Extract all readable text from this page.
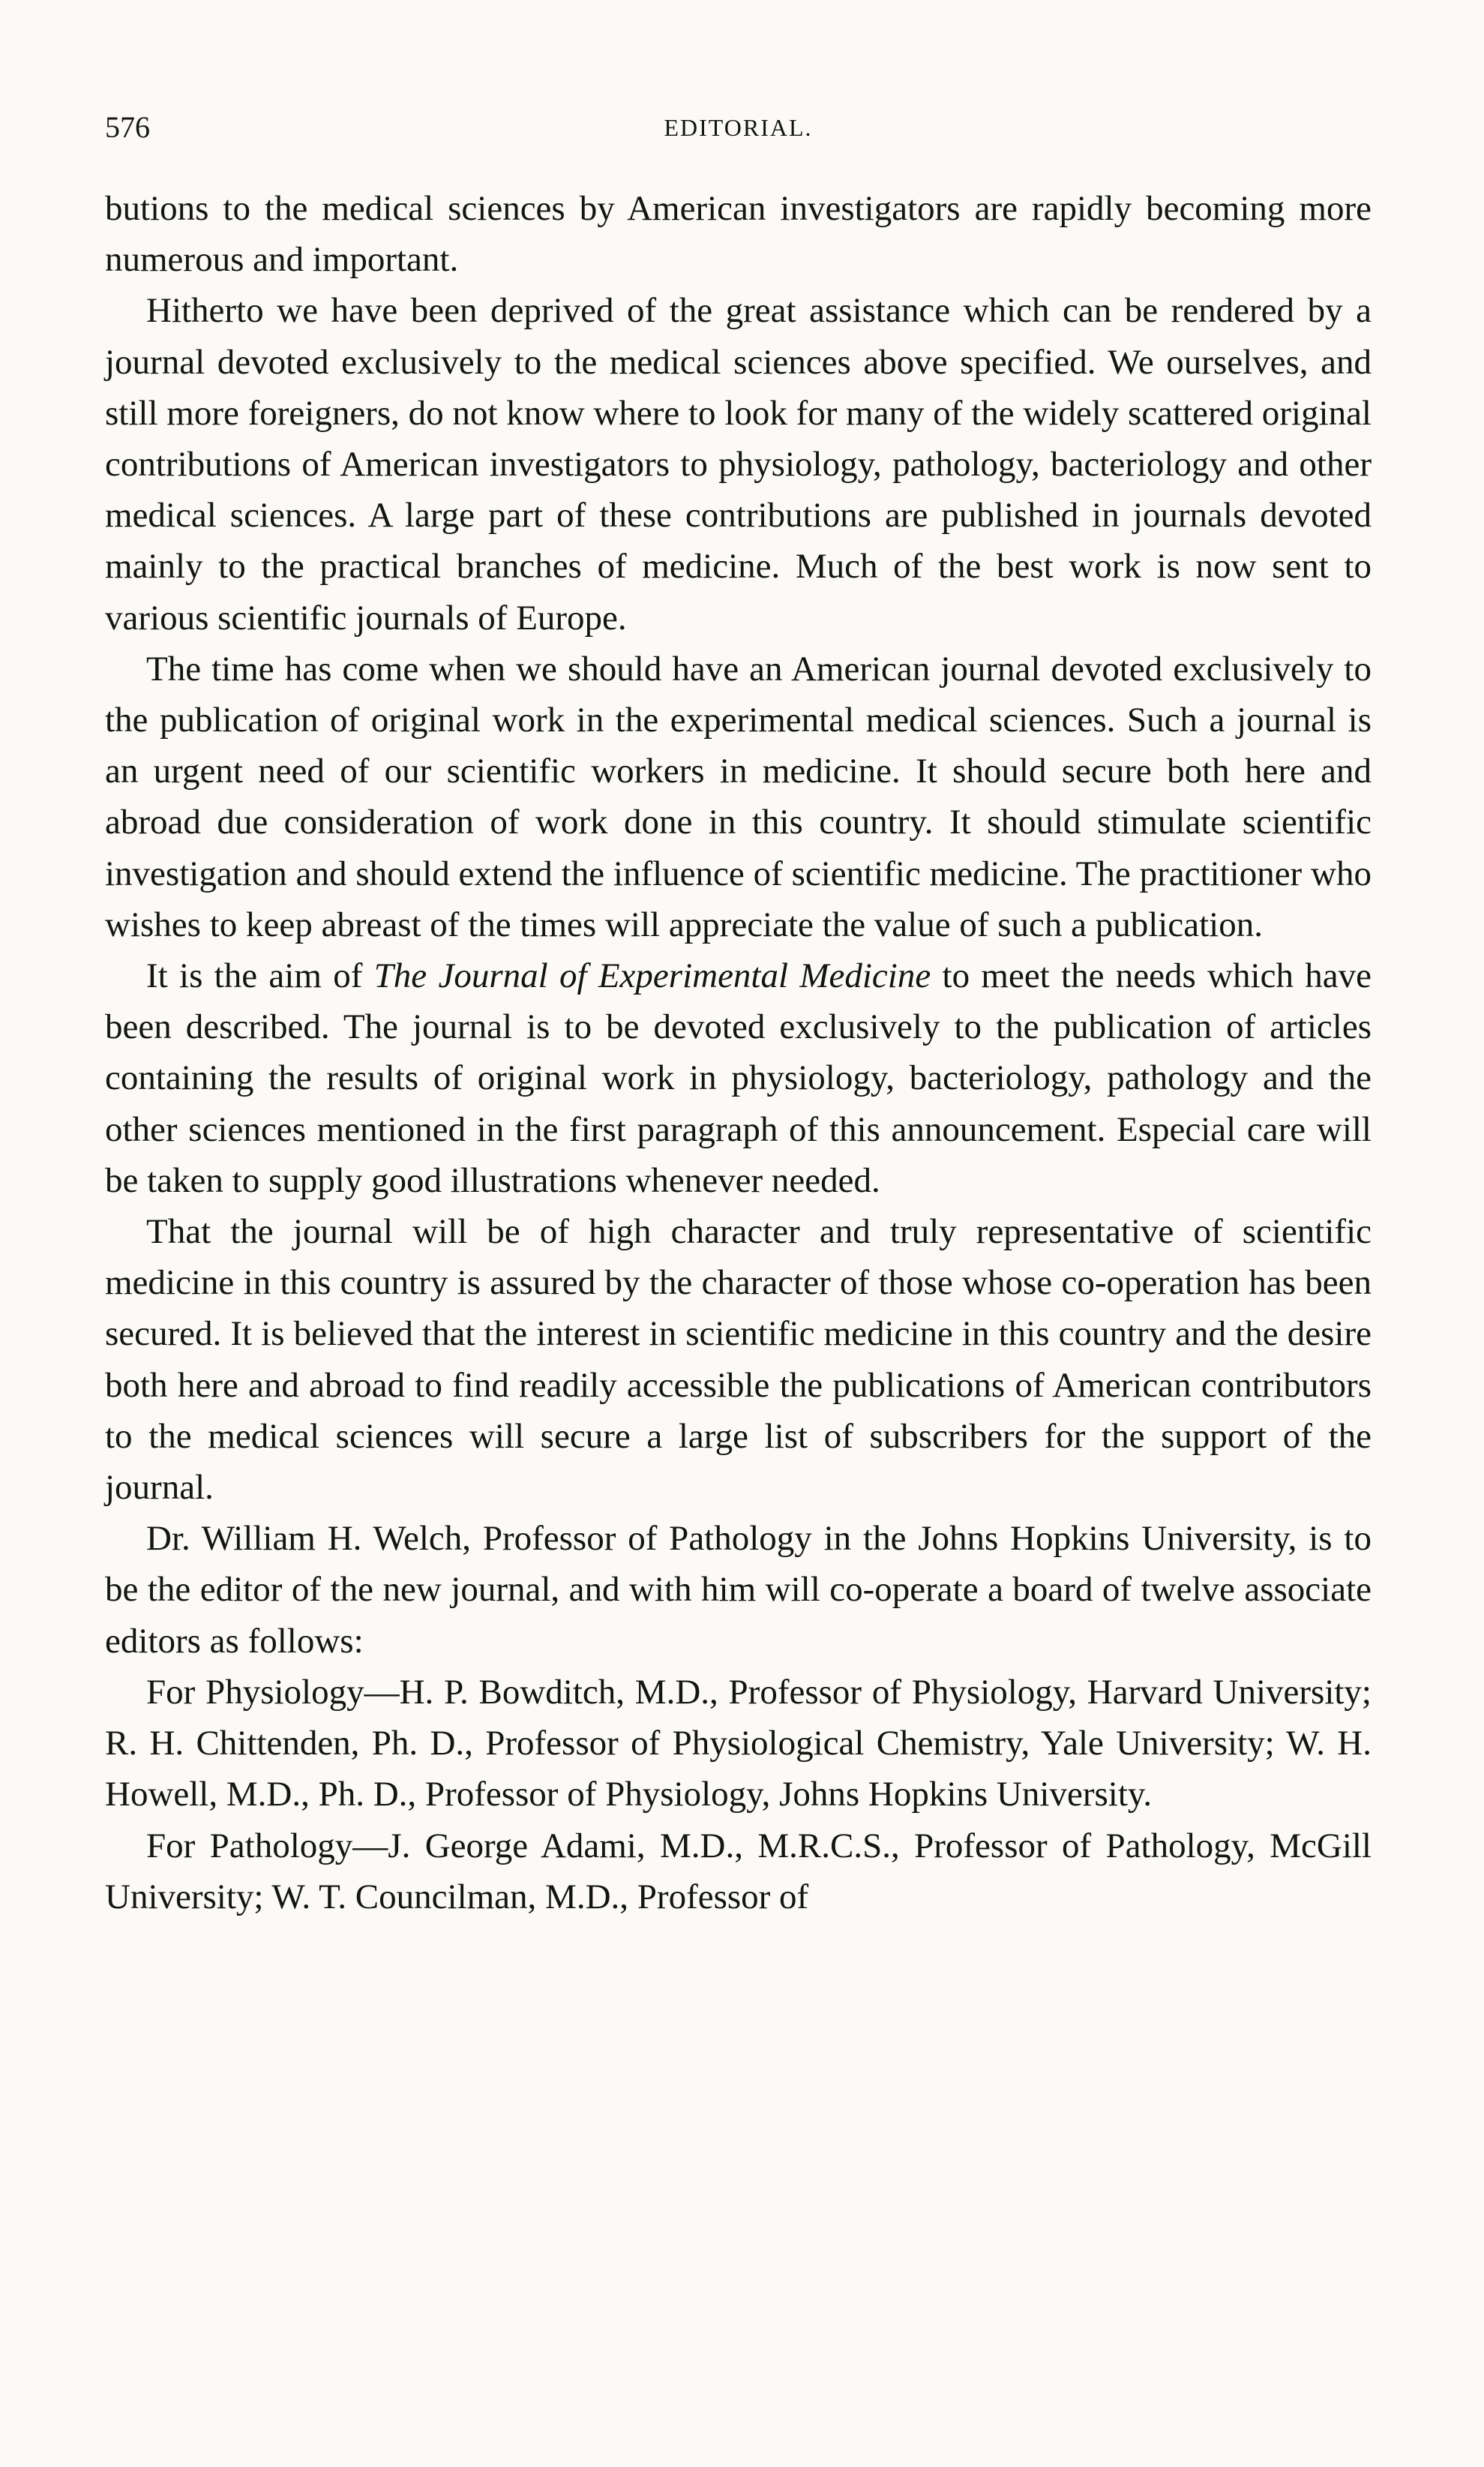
576	EDITORIAL.

butions to the medical sciences by American investigators are rapidly becoming more numerous and important.

Hitherto we have been deprived of the great assistance which can be rendered by a journal devoted exclusively to the medical sciences above specified. We ourselves, and still more foreigners, do not know where to look for many of the widely scattered original contributions of American investigators to physiology, pathology, bacteriology and other medical sciences. A large part of these contributions are published in journals devoted mainly to the practical branches of medicine. Much of the best work is now sent to various scientific journals of Europe.

The time has come when we should have an American journal devoted exclusively to the publication of original work in the experimental medical sciences. Such a journal is an urgent need of our scientific workers in medicine. It should secure both here and abroad due consideration of work done in this country. It should stimulate scientific investigation and should extend the influence of scientific medicine. The practitioner who wishes to keep abreast of the times will appreciate the value of such a publication.

It is the aim of The Journal of Experimental Medicine to meet the needs which have been described. The journal is to be devoted exclusively to the publication of articles containing the results of original work in physiology, bacteriology, pathology and the other sciences mentioned in the first paragraph of this announcement. Especial care will be taken to supply good illustrations whenever needed.

That the journal will be of high character and truly representative of scientific medicine in this country is assured by the character of those whose co-operation has been secured. It is believed that the interest in scientific medicine in this country and the desire both here and abroad to find readily accessible the publications of American contributors to the medical sciences will secure a large list of subscribers for the support of the journal.

Dr. William H. Welch, Professor of Pathology in the Johns Hopkins University, is to be the editor of the new journal, and with him will co-operate a board of twelve associate editors as follows:

For Physiology—H. P. Bowditch, M.D., Professor of Physiology, Harvard University; R. H. Chittenden, Ph. D., Professor of Physiological Chemistry, Yale University; W. H. Howell, M.D., Ph. D., Professor of Physiology, Johns Hopkins University.

For Pathology—J. George Adami, M.D., M.R.C.S., Professor of Pathology, McGill University; W. T. Councilman, M.D., Professor of
